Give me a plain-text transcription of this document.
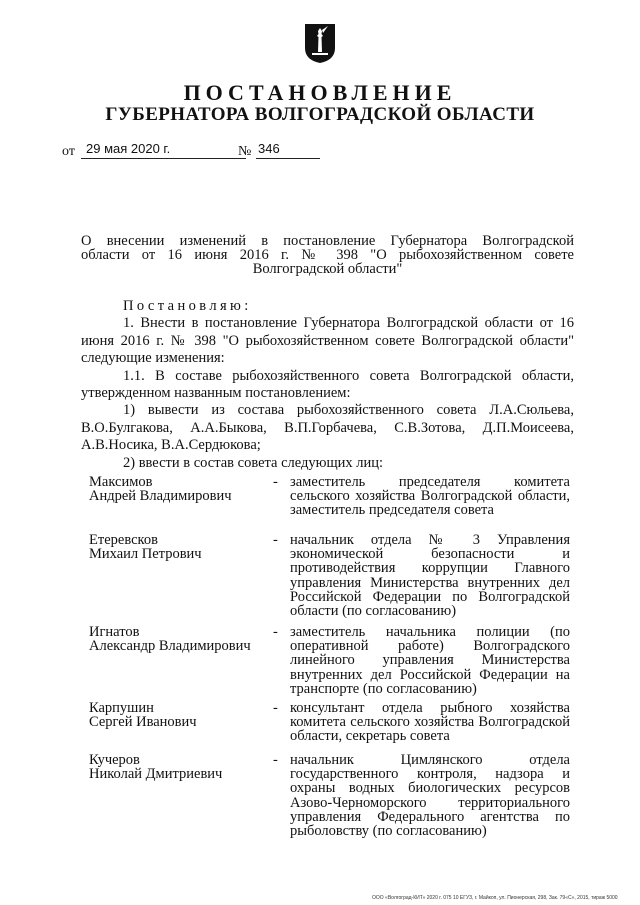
ПОСТАНОВЛЕНИЕ
ГУБЕРНАТОРА ВОЛГОГРАДСКОЙ ОБЛАСТИ
от 29 мая 2020 г.	№ 346
О внесении изменений в постановление Губернатора Волгоградской
области от 16 июня 2016 г. № 398 "О рыбохозяйственном совете
Волгоградской области"

Постановляю:

1. Внести в постановление Губернатора Волгоградской области от 16 июня 2016 г. № 398 "О рыбохозяйственном совете Волгоградской области" следующие изменения:

1.1. В составе рыбохозяйственного совета Волгоградской области, утвержденном названным постановлением:

1) вывести из состава рыбохозяйственного совета Л.А.Сюльева, В.О.Булгакова, А.А.Быкова, В.П.Горбачева, С.В.Зотова, Д.П.Моисеева, А.В.Носика, В.А.Сердюкова;

2) ввести в состав совета следующих лиц:

Максимов
Андрей Владимирович
- заместитель председателя комитета сельского хозяйства Волгоградской области, заместитель председателя совета
Етеревсков
Михаил Петрович
- начальник отдела № 3 Управления экономической безопасности и противодействия коррупции Главного управления Министерства внутренних дел Российской Федерации по Волгоградской области (по согласованию)
Игнатов
Александр Владимирович
- заместитель начальника полиции (по оперативной работе) Волгоградского линейного управления Министерства внутренних дел Российской Федерации на транспорте (по согласованию)
Карпушин
Сергей Иванович
- консультант отдела рыбного хозяйства комитета сельского хозяйства Волгоградской области, секретарь совета
Кучеров
Николай Дмитриевич
- начальник Цимлянского отдела государственного контроля, надзора и охраны водных биологических ресурсов Азово-Черноморского территориального управления Федерального агентства по рыболовству (по согласованию)
ООО «Волгоград-КИТ» 2020 г. 075 10 ЕГУЗ, г. Майкоп, ул. Пионерская, 298, Зак. 79«С», 2015, тираж 5000
